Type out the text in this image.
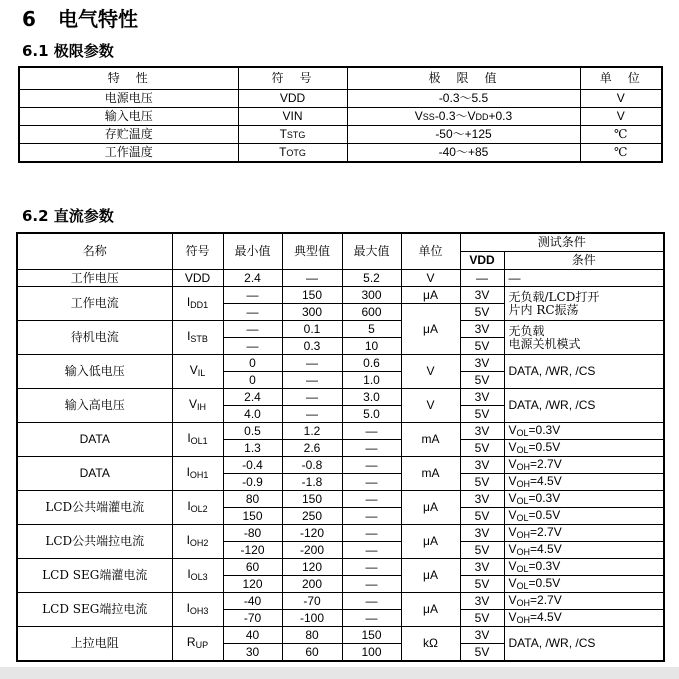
6 电气特性
6.1 极限参数
特　性	符　号	极　限　值	单　位
电源电压	VDD	-0.3～5.5	V
输入电压	VIN	VSS-0.3～VDD+0.3	V
存贮温度	TSTG	-50～+125	℃
工作温度	TOTG	-40～+85	℃
6.2 直流参数
名称	符号	最小值	典型值	最大值	单位	测试条件	
						VDD	条件
工作电压	VDD	2.4	—	5.2	V	—	—
工作电流	$I_{DD1}$	—	150	300	μA	3V	无负载/LCD打开
片内 RC振荡

		—	300	600	μA	5V	
待机电流	$I_{STB}$	—	0.1	5		3V	无负载
电源关机模式

		—	0.3	10		5V	
输入低电压	$V_{IL}$	0	—	0.6	V	3V	DATA, /WR, /CS
		0	—	1.0		5V	
输入高电压	$V_{IH}$	2.4	—	3.0	V	3V	DATA, /WR, /CS
		4.0	—	5.0		5V	
DATA	$I_{OL1}$	0.5	1.2	—	mA	3V	$V_{OL}=0.3V$
		1.3	2.6	—		5V	$V_{OL}=0.5V$
DATA	$I_{OH1}$	-0.4	-0.8	—	mA	3V	$V_{OH}=2.7V$
		-0.9	-1.8	—		5V	$V_{OH}=4.5V$
LCD公共端灌电流	$I_{OL2}$	80	150	—	μA	3V	$V_{OL}=0.3V$
		150	250	—		5V	$V_{OL}=0.5V$
LCD公共端拉电流	$I_{OH2}$	-80	-120	—	μA	3V	$V_{OH}=2.7V$
		-120	-200	—		5V	$V_{OH}=4.5V$
LCD SEG端灌电流	$I_{OL3}$	60	120	—	μA	3V	$V_{OL}=0.3V$
		120	200	—		5V	$V_{OL}=0.5V$
LCD SEG端拉电流	$I_{OH3}$	-40	-70	—	μA	3V	$V_{OH}=2.7V$
		-70	-100	—		5V	$V_{OH}=4.5V$
上拉电阻	$R_{UP}$	40	80	150	kΩ	3V	DATA, /WR, /CS
		30	60	100		5V	
